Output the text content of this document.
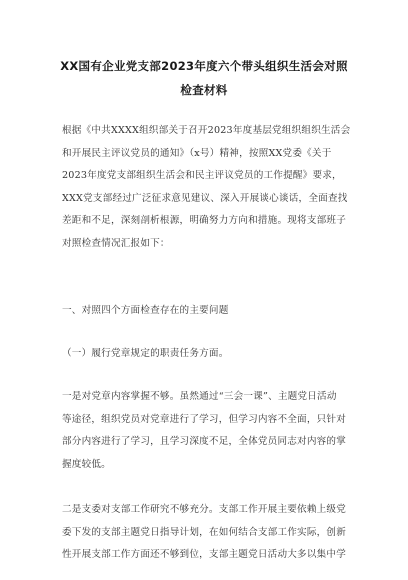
XX国有企业党支部2023年度六个带头组织生活会对照
检查材料
根据《中共XXXX组织部关于召开2023年度基层党组织组织生活会
和开展民主评议党员的通知》（x号）精神，按照XX党委《关于
2023年度党支部组织生活会和民主评议党员的工作提醒》要求，
XXX党支部经过广泛征求意见建议、深入开展谈心谈话，全面查找
差距和不足，深刻剖析根源，明确努力方向和措施。现将支部班子
对照检查情况汇报如下：
一、对照四个方面检查存在的主要问题
（一）履行党章规定的职责任务方面。
一是对党章内容掌握不够。虽然通过“三会一课”、主题党日活动
等途径，组织党员对党章进行了学习，但学习内容不全面，只针对
部分内容进行了学习，且学习深度不足，全体党员同志对内容的掌
握度较低。
二是支委对支部工作研究不够充分。支部工作开展主要依赖上级党
委下发的支部主题党日指导计划，在如何结合支部工作实际，创新
性开展支部工作方面还不够到位，支部主题党日活动大多以集中学
